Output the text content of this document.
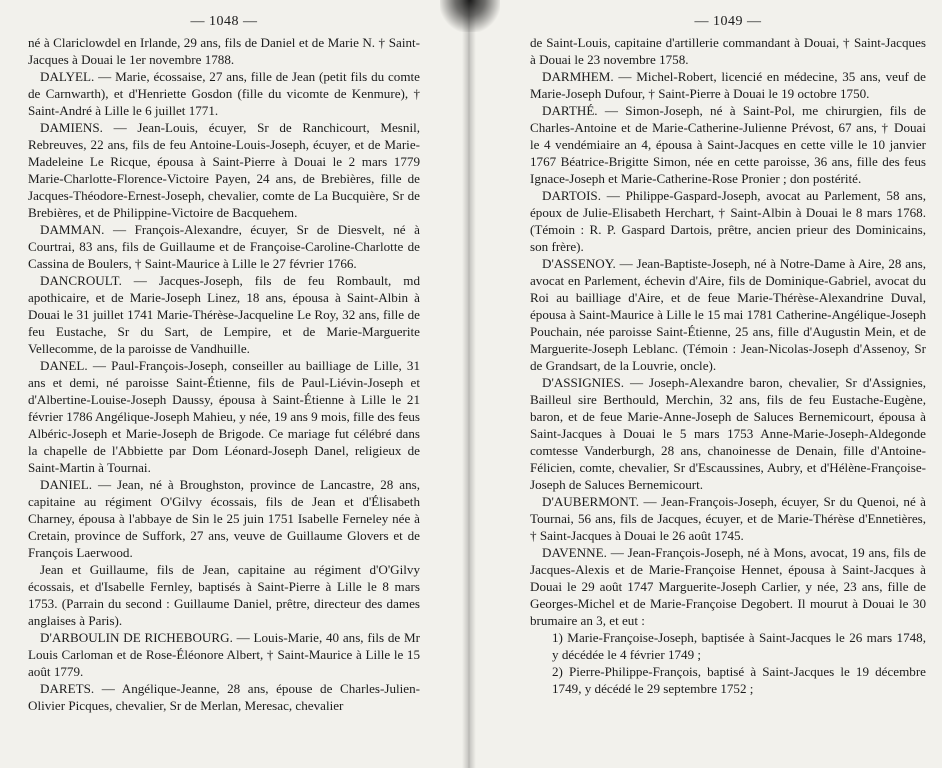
— 1048 —

né à Clariclowdel en Irlande, 29 ans, fils de Daniel et de Marie N. † Saint-Jacques à Douai le 1er novembre 1788.

DALYEL. — Marie, écossaise, 27 ans, fille de Jean (petit fils du comte de Carnwarth), et d'Henriette Gosdon (fille du vicomte de Kenmure), † Saint-André à Lille le 6 juillet 1771.

DAMIENS. — Jean-Louis, écuyer, Sr de Ranchicourt, Mesnil, Rebreuves, 22 ans, fils de feu Antoine-Louis-Joseph, écuyer, et de Marie-Madeleine Le Ricque, épousa à Saint-Pierre à Douai le 2 mars 1779 Marie-Charlotte-Florence-Victoire Payen, 24 ans, de Brebières, fille de Jacques-Théodore-Ernest-Joseph, chevalier, comte de La Bucquière, Sr de Brebières, et de Philippine-Victoire de Bacquehem.

DAMMAN. — François-Alexandre, écuyer, Sr de Diesvelt, né à Courtrai, 83 ans, fils de Guillaume et de Françoise-Caroline-Charlotte de Cassina de Boulers, † Saint-Maurice à Lille le 27 février 1766.

DANCROULT. — Jacques-Joseph, fils de feu Rombault, md apothicaire, et de Marie-Joseph Linez, 18 ans, épousa à Saint-Albin à Douai le 31 juillet 1741 Marie-Thérèse-Jacqueline Le Roy, 32 ans, fille de feu Eustache, Sr du Sart, de Lempire, et de Marie-Marguerite Vellecomme, de la paroisse de Vandhuille.

DANEL. — Paul-François-Joseph, conseiller au bailliage de Lille, 31 ans et demi, né paroisse Saint-Étienne, fils de Paul-Liévin-Joseph et d'Albertine-Louise-Joseph Daussy, épousa à Saint-Étienne à Lille le 21 février 1786 Angélique-Joseph Mahieu, y née, 19 ans 9 mois, fille des feus Albéric-Joseph et Marie-Joseph de Brigode. Ce mariage fut célébré dans la chapelle de l'Abbiette par Dom Léonard-Joseph Danel, religieux de Saint-Martin à Tournai.

DANIEL. — Jean, né à Broughston, province de Lancastre, 28 ans, capitaine au régiment O'Gilvy écossais, fils de Jean et d'Élisabeth Charney, épousa à l'abbaye de Sin le 25 juin 1751 Isabelle Ferneley née à Cretain, province de Suffork, 27 ans, veuve de Guillaume Glovers et de François Laerwood.

Jean et Guillaume, fils de Jean, capitaine au régiment d'O'Gilvy écossais, et d'Isabelle Fernley, baptisés à Saint-Pierre à Lille le 8 mars 1753. (Parrain du second : Guillaume Daniel, prêtre, directeur des dames anglaises à Paris).

D'ARBOULIN DE RICHEBOURG. — Louis-Marie, 40 ans, fils de Mr Louis Carloman et de Rose-Éléonore Albert, † Saint-Maurice à Lille le 15 août 1779.

DARETS. — Angélique-Jeanne, 28 ans, épouse de Charles-Julien-Olivier Picques, chevalier, Sr de Merlan, Meresac, chevalier

— 1049 —

de Saint-Louis, capitaine d'artillerie commandant à Douai, † Saint-Jacques à Douai le 23 novembre 1758.

DARMHEM. — Michel-Robert, licencié en médecine, 35 ans, veuf de Marie-Joseph Dufour, † Saint-Pierre à Douai le 19 octobre 1750.

DARTHÉ. — Simon-Joseph, né à Saint-Pol, me chirurgien, fils de Charles-Antoine et de Marie-Catherine-Julienne Prévost, 67 ans, † Douai le 4 vendémiaire an 4, épousa à Saint-Jacques en cette ville le 10 janvier 1767 Béatrice-Brigitte Simon, née en cette paroisse, 36 ans, fille des feus Ignace-Joseph et Marie-Catherine-Rose Pronier ; don postérité.

DARTOIS. — Philippe-Gaspard-Joseph, avocat au Parlement, 58 ans, époux de Julie-Elisabeth Herchart, † Saint-Albin à Douai le 8 mars 1768. (Témoin : R. P. Gaspard Dartois, prêtre, ancien prieur des Dominicains, son frère).

D'ASSENOY. — Jean-Baptiste-Joseph, né à Notre-Dame à Aire, 28 ans, avocat en Parlement, échevin d'Aire, fils de Dominique-Gabriel, avocat du Roi au bailliage d'Aire, et de feue Marie-Thérèse-Alexandrine Duval, épousa à Saint-Maurice à Lille le 15 mai 1781 Catherine-Angélique-Joseph Pouchain, née paroisse Saint-Étienne, 25 ans, fille d'Augustin Mein, et de Marguerite-Joseph Leblanc. (Témoin : Jean-Nicolas-Joseph d'Assenoy, Sr de Grandsart, de la Louvrie, oncle).

D'ASSIGNIES. — Joseph-Alexandre baron, chevalier, Sr d'Assignies, Bailleul sire Berthould, Merchin, 32 ans, fils de feu Eustache-Eugène, baron, et de feue Marie-Anne-Joseph de Saluces Bernemicourt, épousa à Saint-Jacques à Douai le 5 mars 1753 Anne-Marie-Joseph-Aldegonde comtesse Vanderburgh, 28 ans, chanoinesse de Denain, fille d'Antoine-Félicien, comte, chevalier, Sr d'Escaussines, Aubry, et d'Hélène-Françoise-Joseph de Saluces Bernemicourt.

D'AUBERMONT. — Jean-François-Joseph, écuyer, Sr du Quenoi, né à Tournai, 56 ans, fils de Jacques, écuyer, et de Marie-Thérèse d'Ennetières, † Saint-Jacques à Douai le 26 août 1745.

DAVENNE. — Jean-François-Joseph, né à Mons, avocat, 19 ans, fils de Jacques-Alexis et de Marie-Françoise Hennet, épousa à Saint-Jacques à Douai le 29 août 1747 Marguerite-Joseph Carlier, y née, 23 ans, fille de Georges-Michel et de Marie-Françoise Degobert. Il mourut à Douai le 30 brumaire an 3, et eut :

1) Marie-Françoise-Joseph, baptisée à Saint-Jacques le 26 mars 1748, y décédée le 4 février 1749 ;

2) Pierre-Philippe-François, baptisé à Saint-Jacques le 19 décembre 1749, y décédé le 29 septembre 1752 ;
